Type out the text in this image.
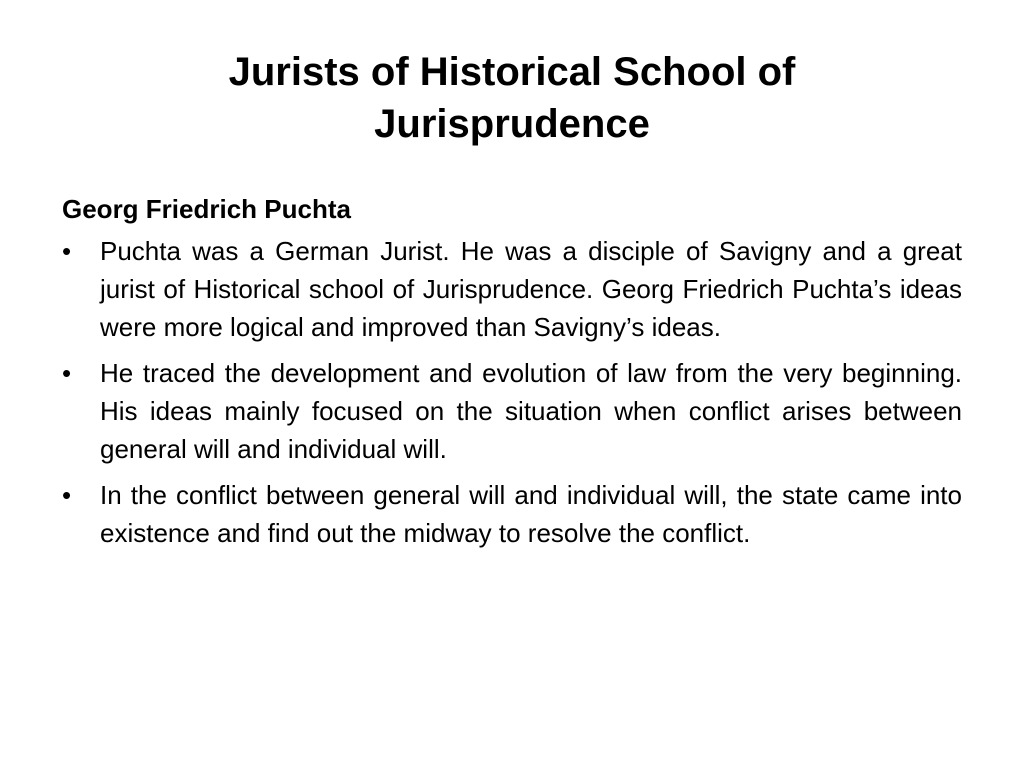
Jurists of Historical School of Jurisprudence
Georg Friedrich Puchta
• Puchta was a German Jurist. He was a disciple of Savigny and a great jurist of Historical school of Jurisprudence. Georg Friedrich Puchta’s ideas were more logical and improved than Savigny’s ideas.
• He traced the development and evolution of law from the very beginning. His ideas mainly focused on the situation when conflict arises between general will and individual will.
• In the conflict between general will and individual will, the state came into existence and find out the midway to resolve the conflict.
